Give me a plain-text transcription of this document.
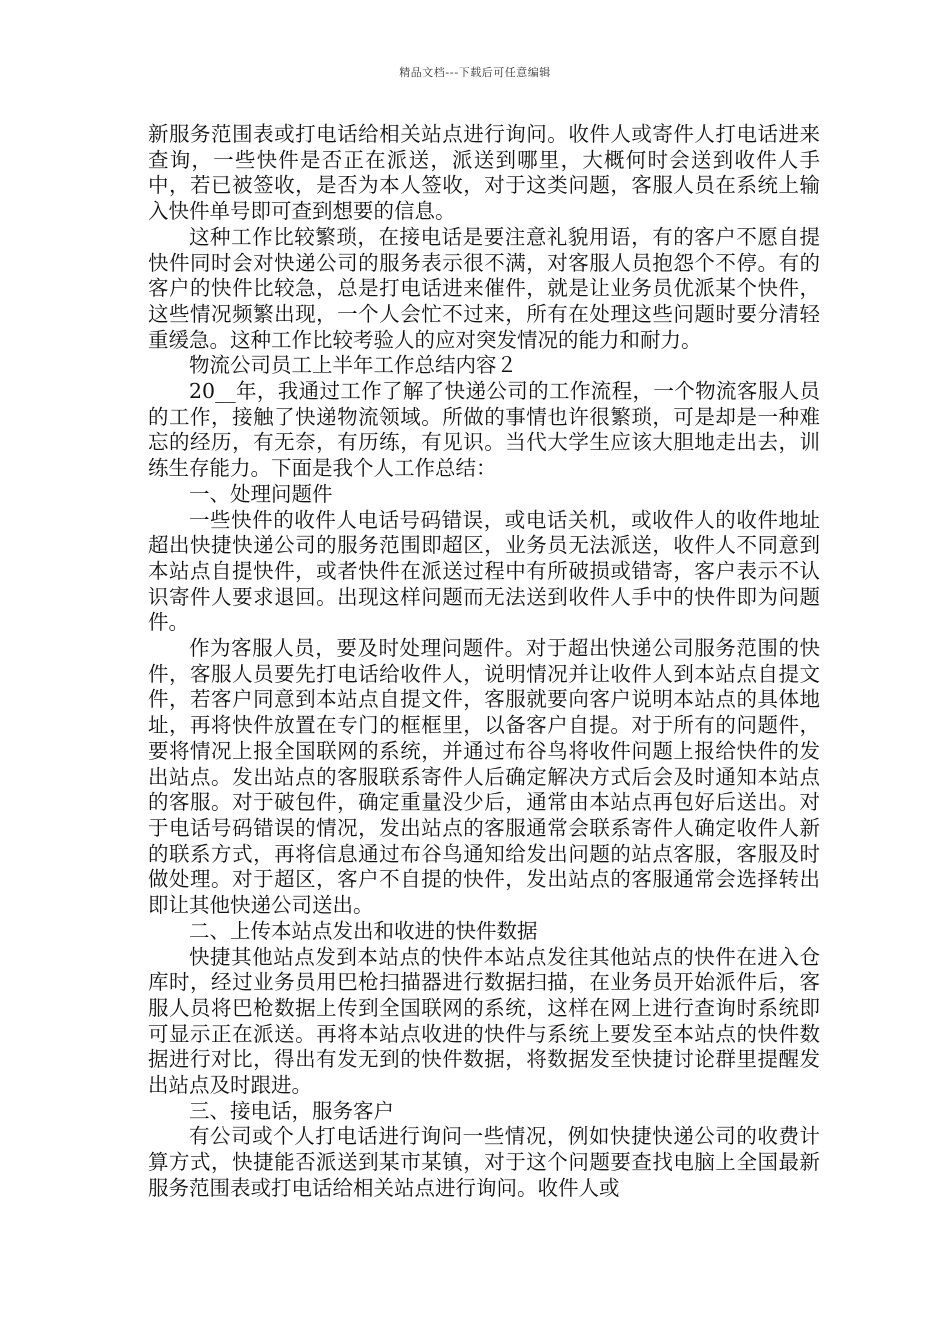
精品文档---下载后可任意编辑

新服务范围表或打电话给相关站点进行询问。收件人或寄件人打电话进来查询，一些快件是否正在派送，派送到哪里，大概何时会送到收件人手中，若已被签收，是否为本人签收，对于这类问题，客服人员在系统上输入快件单号即可查到想要的信息。

这种工作比较繁琐，在接电话是要注意礼貌用语，有的客户不愿自提快件同时会对快递公司的服务表示很不满，对客服人员抱怨个不停。有的客户的快件比较急，总是打电话进来催件，就是让业务员优派某个快件，这些情况频繁出现，一个人会忙不过来，所有在处理这些问题时要分清轻重缓急。这种工作比较考验人的应对突发情况的能力和耐力。

物流公司员工上半年工作总结内容２

20__年，我通过工作了解了快递公司的工作流程，一个物流客服人员的工作，接触了快递物流领域。所做的事情也许很繁琐，可是却是一种难忘的经历，有无奈，有历练，有见识。当代大学生应该大胆地走出去，训练生存能力。下面是我个人工作总结：

一、处理问题件

一些快件的收件人电话号码错误，或电话关机，或收件人的收件地址超出快捷快递公司的服务范围即超区，业务员无法派送，收件人不同意到本站点自提快件，或者快件在派送过程中有所破损或错寄，客户表示不认识寄件人要求退回。出现这样问题而无法送到收件人手中的快件即为问题件。

作为客服人员，要及时处理问题件。对于超出快递公司服务范围的快件，客服人员要先打电话给收件人，说明情况并让收件人到本站点自提文件，若客户同意到本站点自提文件，客服就要向客户说明本站点的具体地址，再将快件放置在专门的框框里，以备客户自提。对于所有的问题件，要将情况上报全国联网的系统，并通过布谷鸟将收件问题上报给快件的发出站点。发出站点的客服联系寄件人后确定解决方式后会及时通知本站点的客服。对于破包件，确定重量没少后，通常由本站点再包好后送出。对于电话号码错误的情况，发出站点的客服通常会联系寄件人确定收件人新的联系方式，再将信息通过布谷鸟通知给发出问题的站点客服，客服及时做处理。对于超区，客户不自提的快件，发出站点的客服通常会选择转出即让其他快递公司送出。

二、上传本站点发出和收进的快件数据

快捷其他站点发到本站点的快件本站点发往其他站点的快件在进入仓库时，经过业务员用巴枪扫描器进行数据扫描，在业务员开始派件后，客服人员将巴枪数据上传到全国联网的系统，这样在网上进行查询时系统即可显示正在派送。再将本站点收进的快件与系统上要发至本站点的快件数据进行对比，得出有发无到的快件数据，将数据发至快捷讨论群里提醒发出站点及时跟进。

三、接电话，服务客户

有公司或个人打电话进行询问一些情况，例如快捷快递公司的收费计算方式，快捷能否派送到某市某镇，对于这个问题要查找电脑上全国最新服务范围表或打电话给相关站点进行询问。收件人或
